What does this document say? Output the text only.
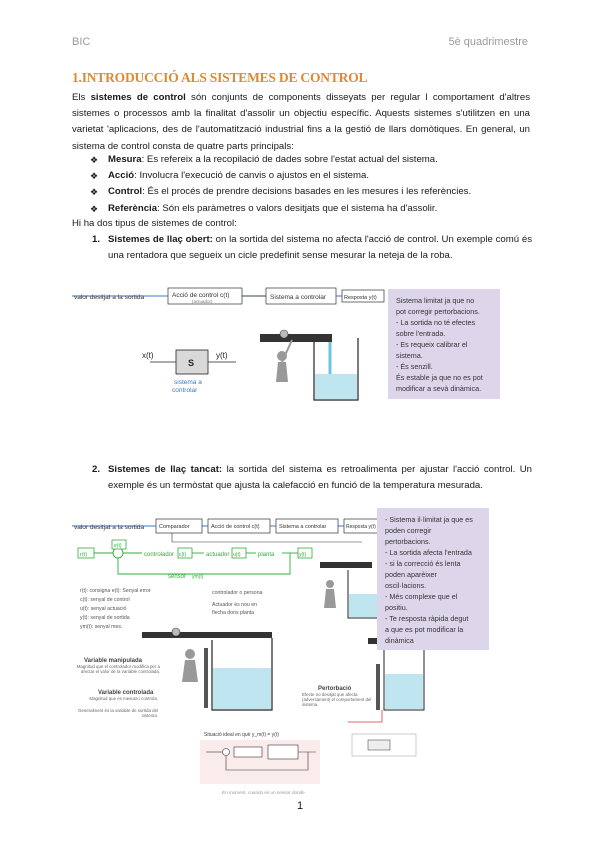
BIC	5è quadrimestre
1.INTRODUCCIÓ ALS SISTEMES DE CONTROL
Els sistemes de control són conjunts de components disseyats per regular l comportament d'altres sistemes o processos amb la finalitat d'assolir un objectiu específic. Aquests sistemes s'utilitzen en una varietat 'aplicacions, des de l'automatització industrial fins a la gestió de llars domòtiques. En general, un sistema de control consta de quatre parts principals:
❖	Mesura : Es refereix a la recopilació de dades sobre l'estat actual del sistema.
❖	Acció : Involucra l'execució de canvis o ajustos en el sistema.
❖	Control : És el procés de prendre decisions basades en les mesures i les referències.
❖	Referència : Són els paràmetres o valors desitjats que el sistema ha d'assolir.
Hi ha dos tipus de sistemes de control:
1. Sistemes de llaç obert: on la sortida del sistema no afecta l'acció de control. Un exemple comú és una rentadora que segueix un cicle predefinit sense mesurar la neteja de la roba.
valor desitjat a la sortida	Acció de control c(t)
(actuador)
Sistema a controlar	Resposta y(t)
x(t)	y(t)
S
sistema a
controlar
Sistema limitat ja que no
pot corregir pertorbacions.
- La sortida no té efectes
sobre l'entrada.
- Es requeix calibrar el
sistema.
- És senzill.
És estable ja que no es pot
modificar a sevà dinàmica.
2. Sistemes de llaç tancat: la sortida del sistema es retroalimenta per ajustar l'acció control. Un exemple és un termòstat que ajusta la calefacció en funció de la temperatura mesurada.
valor desitjat a la sortida	Comparador	Acció de control c(t)	Sistema a controlar	Resposta y(t)
r(t)
e(t)
controlador c(t)	actuador u(t)	planta	y(t)
sensor ym(t)
r(t): consigna e(t): Senyal error
c(t): senyal de control
u(t): senyal actuació
y(t): senyal de sortida
ym(t): senyal mes.
controlador o persona
Actuador és nou en
flecha dons planta
Variable manipulada
Magnitud que el controlador modifica per a afectar el valor de la variable controlada.
Variable controlada
Magnitud que es mesura i controla.
Generalment és la variable de sortida del sistema.
Pertorbació
Efecte no desitjat que afecta (adversament) el comportament del sistema.
Situació ideal en què y_m(t) = y(t)
En moment, cuando es un sensor donde
- Sistema il·limitat ja que es
poden corregir
pertorbacions.
- La sortida afecta l'entrada
- si la correcció és lenta
poden aparèixer
oscil·lacions.
- Més complexe que el
positiu.
- Te resposta ràpida degut
a que es pot modificar la
dinàmica
1
